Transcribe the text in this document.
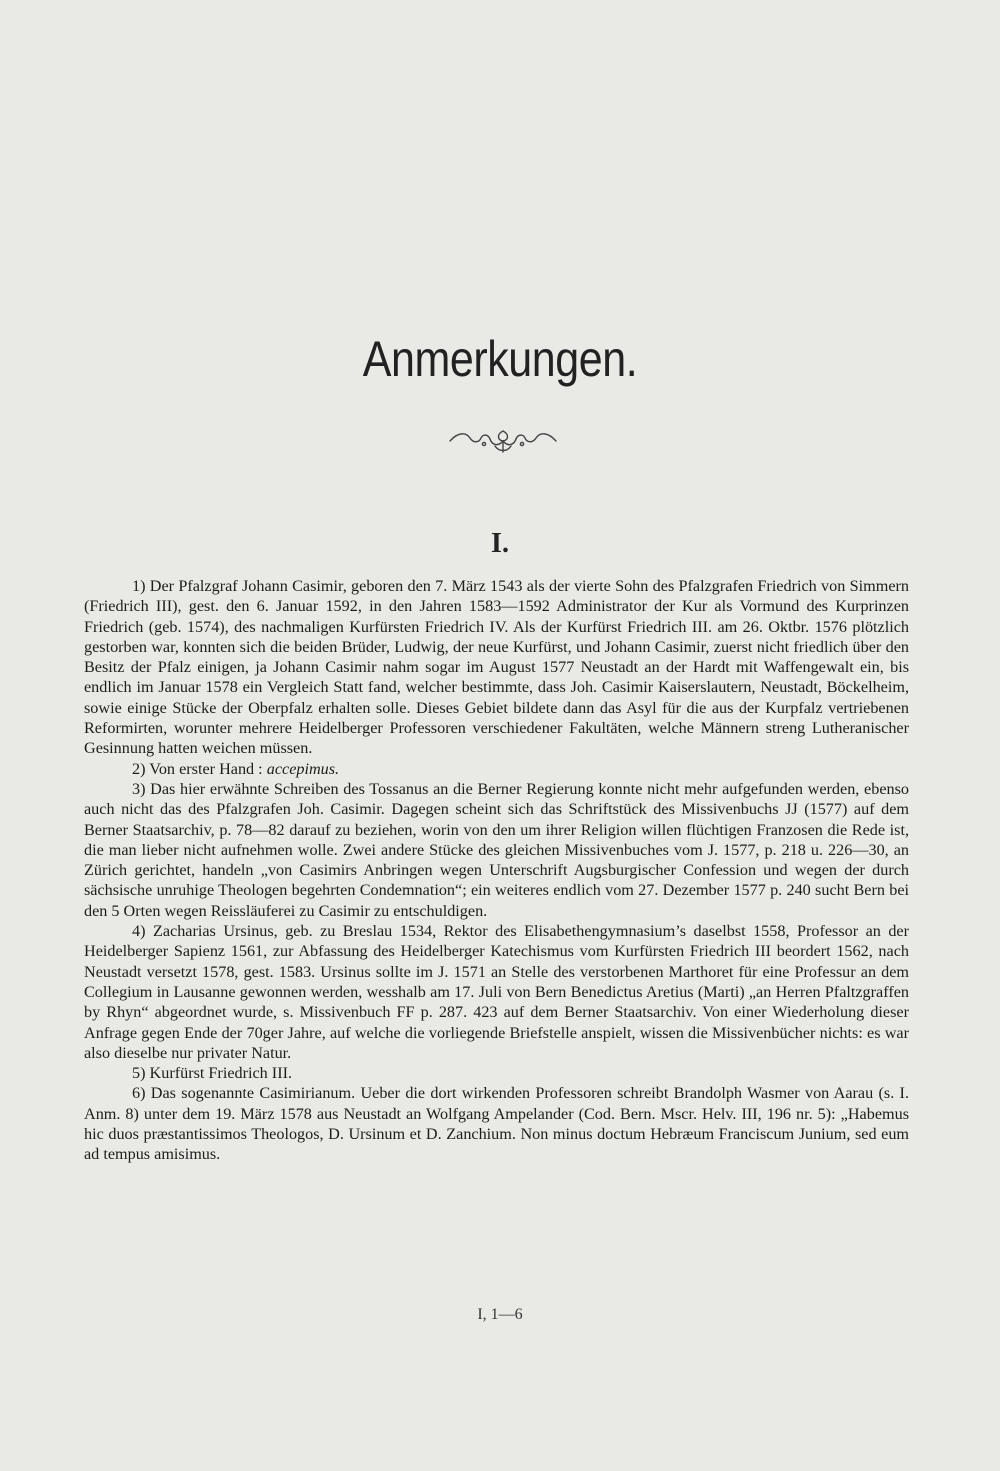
Anmerkungen.
I.

1) Der Pfalzgraf Johann Casimir, geboren den 7. März 1543 als der vierte Sohn des Pfalzgrafen Friedrich von Simmern (Friedrich III), gest. den 6. Januar 1592, in den Jahren 1583—1592 Administrator der Kur als Vormund des Kurprinzen Friedrich (geb. 1574), des nachmaligen Kurfürsten Friedrich IV. Als der Kurfürst Friedrich III. am 26. Oktbr. 1576 plötzlich gestorben war, konnten sich die beiden Brüder, Ludwig, der neue Kurfürst, und Johann Casimir, zuerst nicht friedlich über den Besitz der Pfalz einigen, ja Johann Casimir nahm sogar im August 1577 Neustadt an der Hardt mit Waffengewalt ein, bis endlich im Januar 1578 ein Vergleich Statt fand, welcher bestimmte, dass Joh. Casimir Kaiserslautern, Neustadt, Böckelheim, sowie einige Stücke der Oberpfalz erhalten solle. Dieses Gebiet bildete dann das Asyl für die aus der Kurpfalz vertriebenen Reformirten, worunter mehrere Heidelberger Professoren verschiedener Fakultäten, welche Männern streng Lutheranischer Gesinnung hatten weichen müssen.

2) Von erster Hand : accepimus.

3) Das hier erwähnte Schreiben des Tossanus an die Berner Regierung konnte nicht mehr aufgefunden werden, ebenso auch nicht das des Pfalzgrafen Joh. Casimir. Dagegen scheint sich das Schriftstück des Missivenbuchs JJ (1577) auf dem Berner Staatsarchiv, p. 78—82 darauf zu beziehen, worin von den um ihrer Religion willen flüchtigen Franzosen die Rede ist, die man lieber nicht aufnehmen wolle. Zwei andere Stücke des gleichen Missivenbuches vom J. 1577, p. 218 u. 226—30, an Zürich gerichtet, handeln „von Casimirs Anbringen wegen Unterschrift Augsburgischer Confession und wegen der durch sächsische unruhige Theologen begehrten Condemnation“; ein weiteres endlich vom 27. Dezember 1577 p. 240 sucht Bern bei den 5 Orten wegen Reissläuferei zu Casimir zu entschuldigen.

4) Zacharias Ursinus, geb. zu Breslau 1534, Rektor des Elisabethengymnasium’s daselbst 1558, Professor an der Heidelberger Sapienz 1561, zur Abfassung des Heidelberger Katechismus vom Kurfürsten Friedrich III beordert 1562, nach Neustadt versetzt 1578, gest. 1583. Ursinus sollte im J. 1571 an Stelle des verstorbenen Marthoret für eine Professur an dem Collegium in Lausanne gewonnen werden, wesshalb am 17. Juli von Bern Benedictus Aretius (Marti) „an Herren Pfaltzgraffen by Rhyn“ abgeordnet wurde, s. Missivenbuch FF p. 287. 423 auf dem Berner Staatsarchiv. Von einer Wiederholung dieser Anfrage gegen Ende der 70ger Jahre, auf welche die vorliegende Briefstelle anspielt, wissen die Missivenbücher nichts: es war also dieselbe nur privater Natur.

5) Kurfürst Friedrich III.

6) Das sogenannte Casimirianum. Ueber die dort wirkenden Professoren schreibt Brandolph Wasmer von Aarau (s. I. Anm. 8) unter dem 19. März 1578 aus Neustadt an Wolfgang Ampelander (Cod. Bern. Mscr. Helv. III, 196 nr. 5): „Habemus hic duos præstantissimos Theologos, D. Ursinum et D. Zanchium. Non minus doctum Hebræum Franciscum Junium, sed eum ad tempus amisimus.

I, 1—6
